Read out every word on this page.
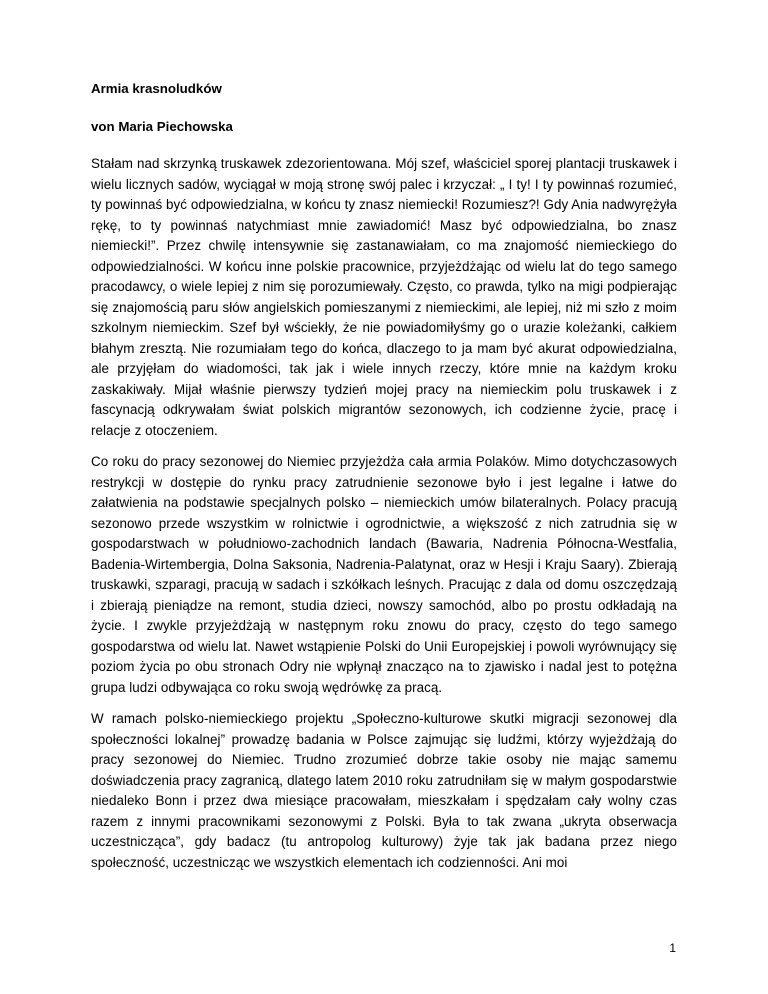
Armia krasnoludków
von Maria Piechowska

Stałam nad skrzynką truskawek zdezorientowana. Mój szef, właściciel sporej plantacji truskawek i wielu licznych sadów, wyciągał w moją stronę swój palec i krzyczał: „ I ty! I ty powinnaś rozumieć, ty powinnaś być odpowiedzialna, w końcu ty znasz niemiecki! Rozumiesz?! Gdy Ania nadwyrężyła rękę, to ty powinnaś natychmiast mnie zawiadomić! Masz być odpowiedzialna, bo znasz niemiecki!”. Przez chwilę intensywnie się zastanawiałam, co ma znajomość niemieckiego do odpowiedzialności. W końcu inne polskie pracownice, przyjeżdżając od wielu lat do tego samego pracodawcy, o wiele lepiej z nim się porozumiewały. Często, co prawda, tylko na migi podpierając się znajomością paru słów angielskich pomieszanymi z niemieckimi, ale lepiej, niż mi szło z moim szkolnym niemieckim. Szef był wściekły, że nie powiadomiłyśmy go o urazie koleżanki, całkiem błahym zresztą. Nie rozumiałam tego do końca, dlaczego to ja mam być akurat odpowiedzialna, ale przyjęłam do wiadomości, tak jak i wiele innych rzeczy, które mnie na każdym kroku zaskakiwały. Mijał właśnie pierwszy tydzień mojej pracy na niemieckim polu truskawek i z fascynacją odkrywałam świat polskich migrantów sezonowych, ich codzienne życie, pracę i relacje z otoczeniem.

Co roku do pracy sezonowej do Niemiec przyjeżdża cała armia Polaków. Mimo dotychczasowych restrykcji w dostępie do rynku pracy zatrudnienie sezonowe było i jest legalne i łatwe do załatwienia na podstawie specjalnych polsko – niemieckich umów bilateralnych. Polacy pracują sezonowo przede wszystkim w rolnictwie i ogrodnictwie, a większość z nich zatrudnia się w gospodarstwach w południowo-zachodnich landach (Bawaria, Nadrenia Północna-Westfalia, Badenia-Wirtembergia, Dolna Saksonia, Nadrenia-Palatynat, oraz w Hesji i Kraju Saary). Zbierają truskawki, szparagi, pracują w sadach i szkółkach leśnych. Pracując z dala od domu oszczędzają i zbierają pieniądze na remont, studia dzieci, nowszy samochód, albo po prostu odkładają na życie. I zwykle przyjeżdżają w następnym roku znowu do pracy, często do tego samego gospodarstwa od wielu lat. Nawet wstąpienie Polski do Unii Europejskiej i powoli wyrównujący się poziom życia po obu stronach Odry nie wpłynął znacząco na to zjawisko i nadal jest to potężna grupa ludzi odbywająca co roku swoją wędrówkę za pracą.

W ramach polsko-niemieckiego projektu „Społeczno-kulturowe skutki migracji sezonowej dla społeczności lokalnej” prowadzę badania w Polsce zajmując się ludźmi, którzy wyjeżdżają do pracy sezonowej do Niemiec. Trudno zrozumieć dobrze takie osoby nie mając samemu doświadczenia pracy zagranicą, dlatego latem 2010 roku zatrudniłam się w małym gospodarstwie niedaleko Bonn i przez dwa miesiące pracowałam, mieszkałam i spędzałam cały wolny czas razem z innymi pracownikami sezonowymi z Polski. Była to tak zwana „ukryta obserwacja uczestnicząca”, gdy badacz (tu antropolog kulturowy) żyje tak jak badana przez niego społeczność, uczestnicząc we wszystkich elementach ich codzienności. Ani moi

1
